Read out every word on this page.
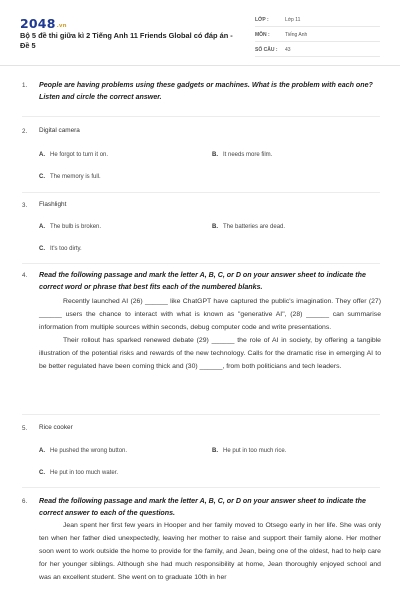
2048.vn
Bộ 5 đề thi giữa kì 2 Tiếng Anh 11 Friends Global có đáp án - Đề 5
LỚP :	Lớp 11
MÔN :	Tiếng Anh
SỐ CÂU : 43
1. People are having problems using these gadgets or machines. What is the problem with each one? Listen and circle the correct answer.
2. Digital camera
A. He forgot to turn it on.	B. It needs more film.
C. The memory is full.
3. Flashlight
A. The bulb is broken.	B. The batteries are dead.
C. It's too dirty.
4. Read the following passage and mark the letter A, B, C, or D on your answer sheet to indicate the correct word or phrase that best fits each of the numbered blanks.

Recently launched AI (26) ______ like ChatGPT have captured the public's imagination. They offer (27) ______ users the chance to interact with what is known as "generative AI", (28) ______ can summarise information from multiple sources within seconds, debug computer code and write presentations.

Their rollout has sparked renewed debate (29) ______ the role of AI in society, by offering a tangible illustration of the potential risks and rewards of the new technology. Calls for the dramatic rise in emerging AI to be better regulated have been coming thick and (30) ______, from both politicians and tech leaders.

5. Rice cooker
A. He pushed the wrong button.	B. He put in too much rice.
C. He put in too much water.
6. Read the following passage and mark the letter A, B, C, or D on your answer sheet to indicate the correct answer to each of the questions.

Jean spent her first few years in Hooper and her family moved to Otsego early in her life. She was only ten when her father died unexpectedly, leaving her mother to raise and support their family alone. Her mother soon went to work outside the home to provide for the family, and Jean, being one of the oldest, had to help care for her younger siblings. Although she had much responsibility at home, Jean thoroughly enjoyed school and was an excellent student. She went on to graduate 10th in her
